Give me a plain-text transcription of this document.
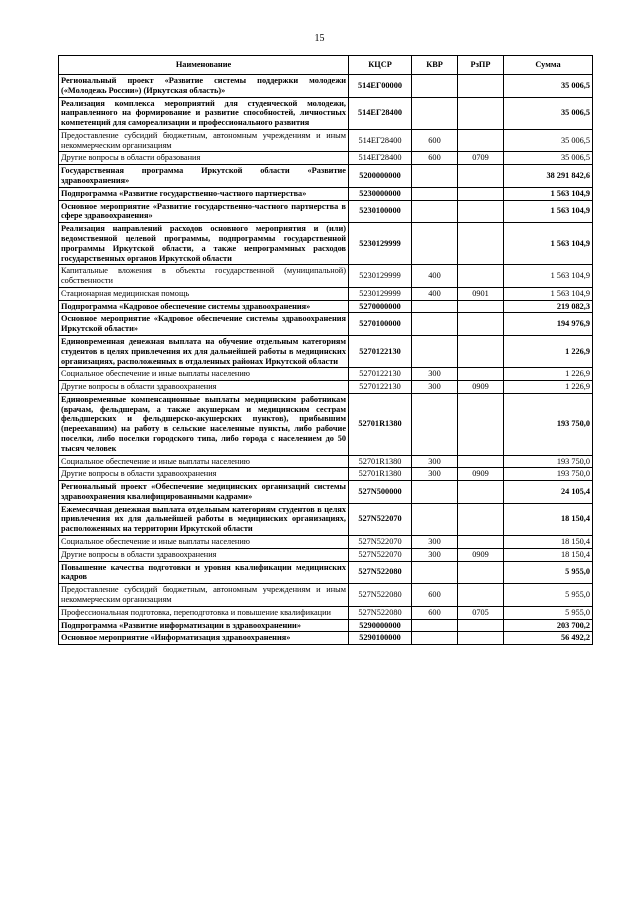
15
Наименование	КЦСР	КВР	РзПР	Сумма
Региональный проект «Развитие системы поддержки молодежи («Молодежь России») (Иркутская область)»	514ЕГ00000			35 006,5
Реализация комплекса мероприятий для студенческой молодежи, направленного на формирование и развитие способностей, личностных компетенций для самореализации и профессионального развития	514ЕГ28400			35 006,5
Предоставление субсидий бюджетным, автономным учреждениям и иным некоммерческим организациям	514ЕГ28400	600		35 006,5
Другие вопросы в области образования	514ЕГ28400	600	0709	35 006,5
Государственная программа Иркутской области «Развитие здравоохранения»	5200000000			38 291 842,6
Подпрограмма «Развитие государственно-частного партнерства»	5230000000			1 563 104,9
Основное мероприятие «Развитие государственно-частного партнерства в сфере здравоохранения»	5230100000			1 563 104,9
Реализация направлений расходов основного мероприятия и (или) ведомственной целевой программы, подпрограммы государственной программы Иркутской области, а также непрограммных расходов государственных органов Иркутской области	5230129999			1 563 104,9
Капитальные вложения в объекты государственной (муниципальной) собственности	5230129999	400		1 563 104,9
Стационарная медицинская помощь	5230129999	400	0901	1 563 104,9
Подпрограмма «Кадровое обеспечение системы здравоохранения»	5270000000			219 082,3
Основное мероприятие «Кадровое обеспечение системы здравоохранения Иркутской области»	5270100000			194 976,9
Единовременная денежная выплата на обучение отдельным категориям студентов в целях привлечения их для дальнейшей работы в медицинских организациях, расположенных в отдаленных районах Иркутской области	5270122130			1 226,9
Социальное обеспечение и иные выплаты населению	5270122130	300		1 226,9
Другие вопросы в области здравоохранения	5270122130	300	0909	1 226,9
Единовременные компенсационные выплаты медицинским работникам (врачам, фельдшерам, а также акушеркам и медицинским сестрам фельдшерских и фельдшерско-акушерских пунктов), прибывшим (переехавшим) на работу в сельские населенные пункты, либо рабочие поселки, либо поселки городского типа, либо города с населением до 50 тысяч человек	52701R1380			193 750,0
Социальное обеспечение и иные выплаты населению	52701R1380	300		193 750,0
Другие вопросы в области здравоохранения	52701R1380	300	0909	193 750,0
Региональный проект «Обеспечение медицинских организаций системы здравоохранения квалифицированными кадрами»	527N500000			24 105,4
Ежемесячная денежная выплата отдельным категориям студентов в целях привлечения их для дальнейшей работы в медицинских организациях, расположенных на территории Иркутской области	527N522070			18 150,4
Социальное обеспечение и иные выплаты населению	527N522070	300		18 150,4
Другие вопросы в области здравоохранения	527N522070	300	0909	18 150,4
Повышение качества подготовки и уровня квалификации медицинских кадров	527N522080			5 955,0
Предоставление субсидий бюджетным, автономным учреждениям и иным некоммерческим организациям	527N522080	600		5 955,0
Профессиональная подготовка, переподготовка и повышение квалификации	527N522080	600	0705	5 955,0
Подпрограмма «Развитие информатизации в здравоохранении»	5290000000			203 700,2
Основное мероприятие «Информатизация здравоохранения»	5290100000			56 492,2
